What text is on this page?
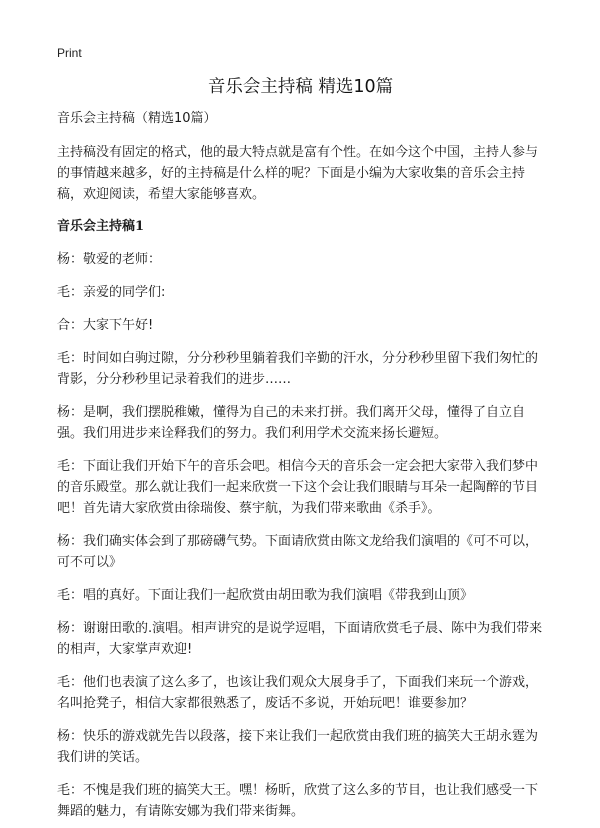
Print
音乐会主持稿 精选10篇

音乐会主持稿（精选10篇）

主持稿没有固定的格式，他的最大特点就是富有个性。在如今这个中国，主持人参与的事情越来越多，好的主持稿是什么样的呢？下面是小编为大家收集的音乐会主持稿，欢迎阅读，希望大家能够喜欢。

音乐会主持稿1

杨：敬爱的老师：

毛：亲爱的同学们:

合：大家下午好!

毛：时间如白驹过隙，分分秒秒里躺着我们辛勤的汗水，分分秒秒里留下我们匆忙的背影，分分秒秒里记录着我们的进步……

杨：是啊，我们摆脱稚嫩，懂得为自己的未来打拼。我们离开父母，懂得了自立自强。我们用进步来诠释我们的努力。我们利用学术交流来扬长避短。

毛：下面让我们开始下午的音乐会吧。相信今天的音乐会一定会把大家带入我们梦中的音乐殿堂。那么就让我们一起来欣赏一下这个会让我们眼睛与耳朵一起陶醉的节目吧！首先请大家欣赏由徐瑞俊、蔡宇航，为我们带来歌曲《杀手》。

杨：我们确实体会到了那磅礴气势。下面请欣赏由陈文龙给我们演唱的《可不可以，可不可以》

毛：唱的真好。下面让我们一起欣赏由胡田歌为我们演唱《带我到山顶》

杨：谢谢田歌的.演唱。相声讲究的是说学逗唱，下面请欣赏毛子晨、陈中为我们带来的相声，大家掌声欢迎!

毛：他们也表演了这么多了，也该让我们观众大展身手了，下面我们来玩一个游戏，名叫抢凳子，相信大家都很熟悉了，废话不多说，开始玩吧！谁要参加？

杨：快乐的游戏就先告以段落，接下来让我们一起欣赏由我们班的搞笑大王胡永霆为我们讲的笑话。

毛：不愧是我们班的搞笑大王。嘿！杨昕，欣赏了这么多的节目，也让我们感受一下舞蹈的魅力，有请陈安娜为我们带来街舞。
